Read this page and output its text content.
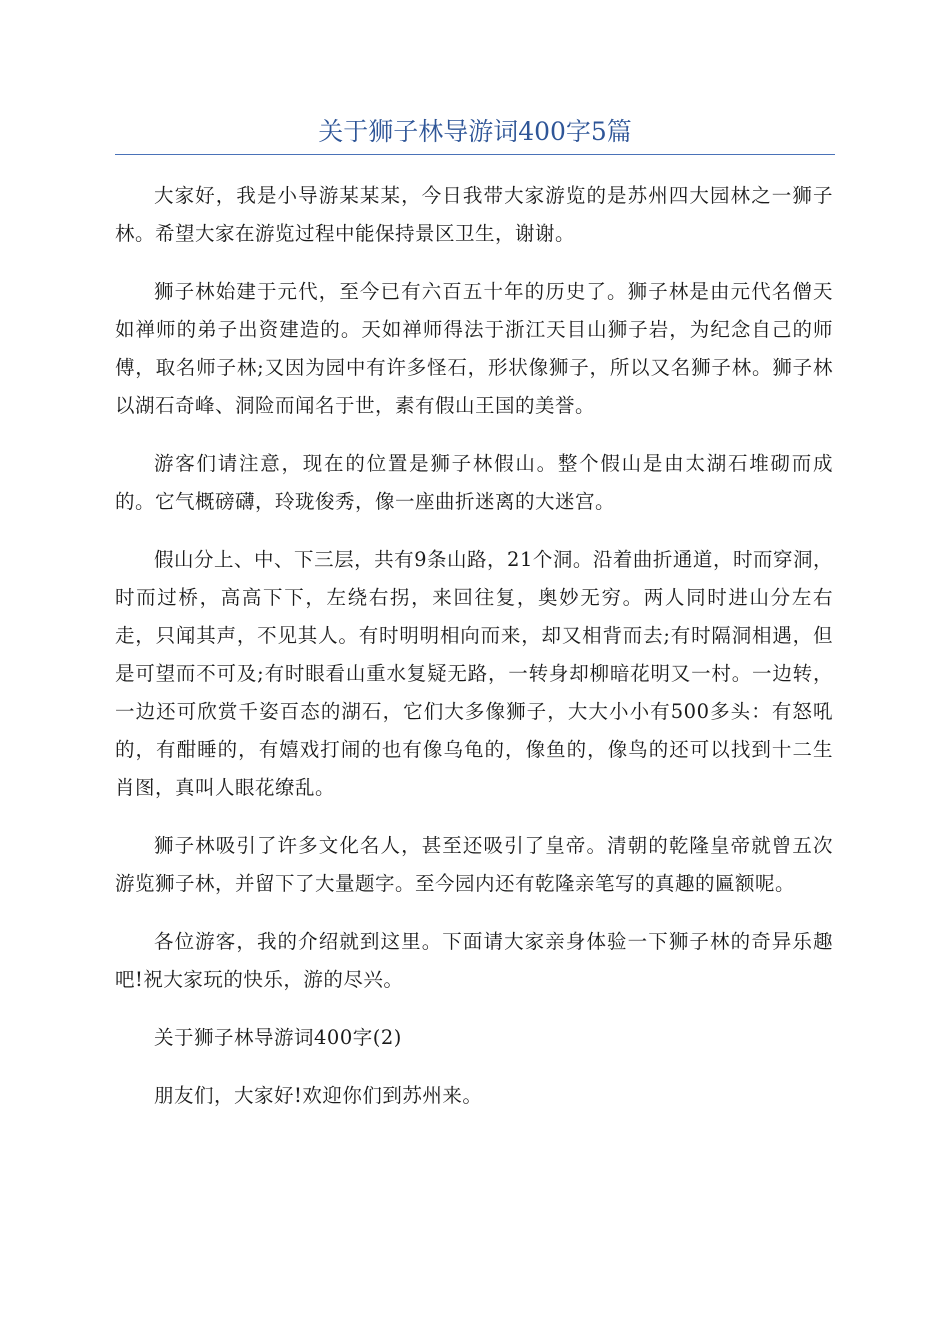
关于狮子林导游词400字5篇

大家好，我是小导游某某某，今日我带大家游览的是苏州四大园林之一狮子林。希望大家在游览过程中能保持景区卫生，谢谢。

狮子林始建于元代，至今已有六百五十年的历史了。狮子林是由元代名僧天如禅师的弟子出资建造的。天如禅师得法于浙江天目山狮子岩，为纪念自己的师傅，取名师子林;又因为园中有许多怪石，形状像狮子，所以又名狮子林。狮子林以湖石奇峰、洞险而闻名于世，素有假山王国的美誉。

游客们请注意，现在的位置是狮子林假山。整个假山是由太湖石堆砌而成的。它气概磅礴，玲珑俊秀，像一座曲折迷离的大迷宫。

假山分上、中、下三层，共有9条山路，21个洞。沿着曲折通道，时而穿洞，时而过桥，高高下下，左绕右拐，来回往复，奥妙无穷。两人同时进山分左右走，只闻其声，不见其人。有时明明相向而来，却又相背而去;有时隔洞相遇，但是可望而不可及;有时眼看山重水复疑无路，一转身却柳暗花明又一村。一边转，一边还可欣赏千姿百态的湖石，它们大多像狮子，大大小小有500多头：有怒吼的，有酣睡的，有嬉戏打闹的也有像乌龟的，像鱼的，像鸟的还可以找到十二生肖图，真叫人眼花缭乱。

狮子林吸引了许多文化名人，甚至还吸引了皇帝。清朝的乾隆皇帝就曾五次游览狮子林，并留下了大量题字。至今园内还有乾隆亲笔写的真趣的匾额呢。

各位游客，我的介绍就到这里。下面请大家亲身体验一下狮子林的奇异乐趣吧!祝大家玩的快乐，游的尽兴。

关于狮子林导游词400字(2)

朋友们，大家好!欢迎你们到苏州来。
